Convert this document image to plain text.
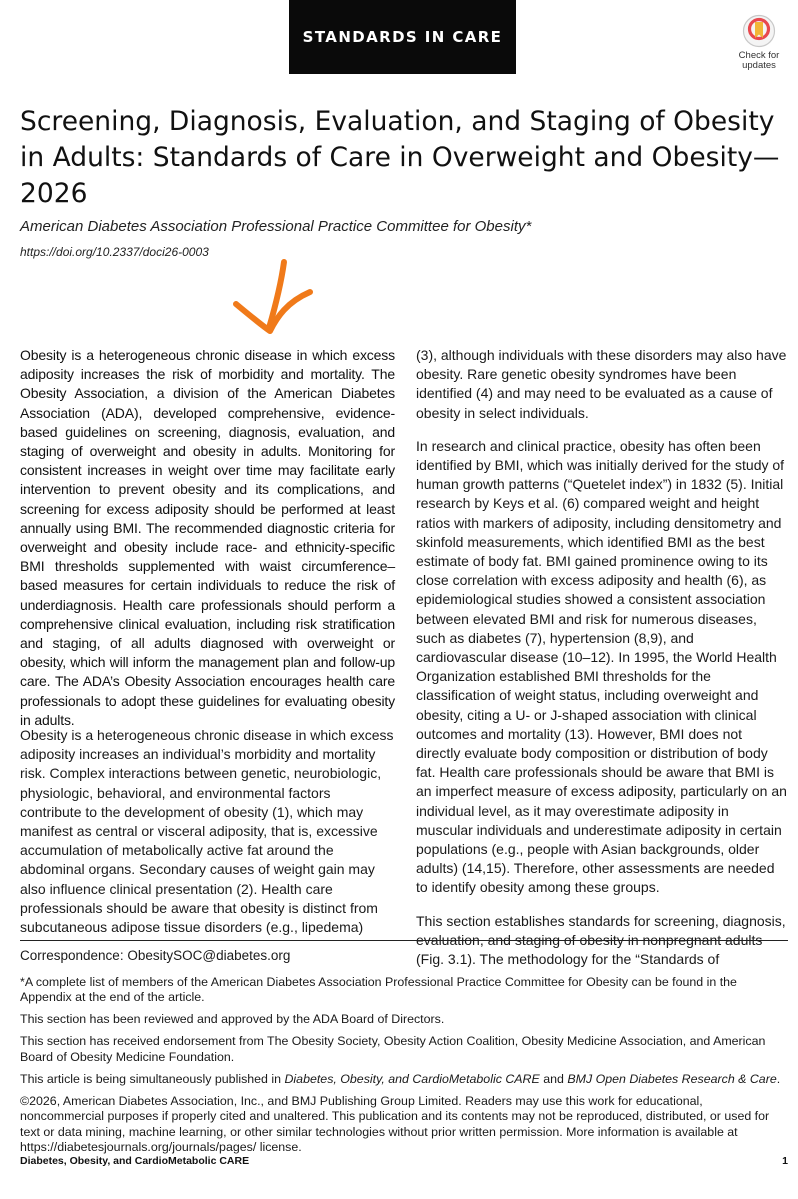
STANDARDS IN CARE
Check for
updates
Screening, Diagnosis, Evaluation, and Staging of Obesity in Adults: Standards of Care in Overweight and Obesity—2026

American Diabetes Association Professional Practice Committee for Obesity*

https://doi.org/10.2337/doci26-0003

Obesity is a heterogeneous chronic disease in which excess adiposity increases the risk of morbidity and mortality. The Obesity Association, a division of the American Diabetes Association (ADA), developed comprehensive, evidence-based guidelines on screening, diagnosis, evaluation, and staging of overweight and obesity in adults. Monitoring for consistent increases in weight over time may facilitate early intervention to prevent obesity and its complications, and screening for excess adiposity should be performed at least annually using BMI. The recommended diagnostic criteria for overweight and obesity include race- and ethnicity-specific BMI thresholds supplemented with waist circumference–based measures for certain individuals to reduce the risk of underdiagnosis. Health care professionals should perform a comprehensive clinical evaluation, including risk stratification and staging, of all adults diagnosed with overweight or obesity, which will inform the management plan and follow-up care. The ADA’s Obesity Association encourages health care professionals to adopt these guidelines for evaluating obesity in adults.

Obesity is a heterogeneous chronic disease in which excess adiposity increases an individual’s morbidity and mortality risk. Complex interactions between genetic, neurobiologic, physiologic, behavioral, and environmental factors contribute to the development of obesity (1), which may manifest as central or visceral adiposity, that is, excessive accumulation of metabolically active fat around the abdominal organs. Secondary causes of weight gain may also influence clinical presentation (2). Health care professionals should be aware that obesity is distinct from subcutaneous adipose tissue disorders (e.g., lipedema)

(3), although individuals with these disorders may also have obesity. Rare genetic obesity syndromes have been identified (4) and may need to be evaluated as a cause of obesity in select individuals.

In research and clinical practice, obesity has often been identified by BMI, which was initially derived for the study of human growth patterns (“Quetelet index”) in 1832 (5). Initial research by Keys et al. (6) compared weight and height ratios with markers of adiposity, including densitometry and skinfold measurements, which identified BMI as the best estimate of body fat. BMI gained prominence owing to its close correlation with excess adiposity and health (6), as epidemiological studies showed a consistent association between elevated BMI and risk for numerous diseases, such as diabetes (7), hypertension (8,9), and cardiovascular disease (10–12). In 1995, the World Health Organization established BMI thresholds for the classification of weight status, including overweight and obesity, citing a U- or J-shaped association with clinical outcomes and mortality (13). However, BMI does not directly evaluate body composition or distribution of body fat. Health care professionals should be aware that BMI is an imperfect measure of excess adiposity, particularly on an individual level, as it may overestimate adiposity in muscular individuals and underestimate adiposity in certain populations (e.g., people with Asian backgrounds, older adults) (14,15). Therefore, other assessments are needed to identify obesity among these groups.

This section establishes standards for screening, diagnosis, evaluation, and staging of obesity in nonpregnant adults (Fig. 3.1). The methodology for the “Standards of

Correspondence: ObesitySOC@diabetes.org

*A complete list of members of the American Diabetes Association Professional Practice Committee for Obesity can be found in the Appendix at the end of the article.

This section has been reviewed and approved by the ADA Board of Directors.

This section has received endorsement from The Obesity Society, Obesity Action Coalition, Obesity Medicine Association, and American Board of Obesity Medicine Foundation.

This article is being simultaneously published in Diabetes, Obesity, and CardioMetabolic CARE and BMJ Open Diabetes Research & Care.

©2026, American Diabetes Association, Inc., and BMJ Publishing Group Limited. Readers may use this work for educational, noncommercial purposes if properly cited and unaltered. This publication and its contents may not be reproduced, distributed, or used for text or data mining, machine learning, or other similar technologies without prior written permission. More information is available at https://diabetesjournals.org/journals/pages/ license.

Diabetes, Obesity, and CardioMetabolic CARE	1
